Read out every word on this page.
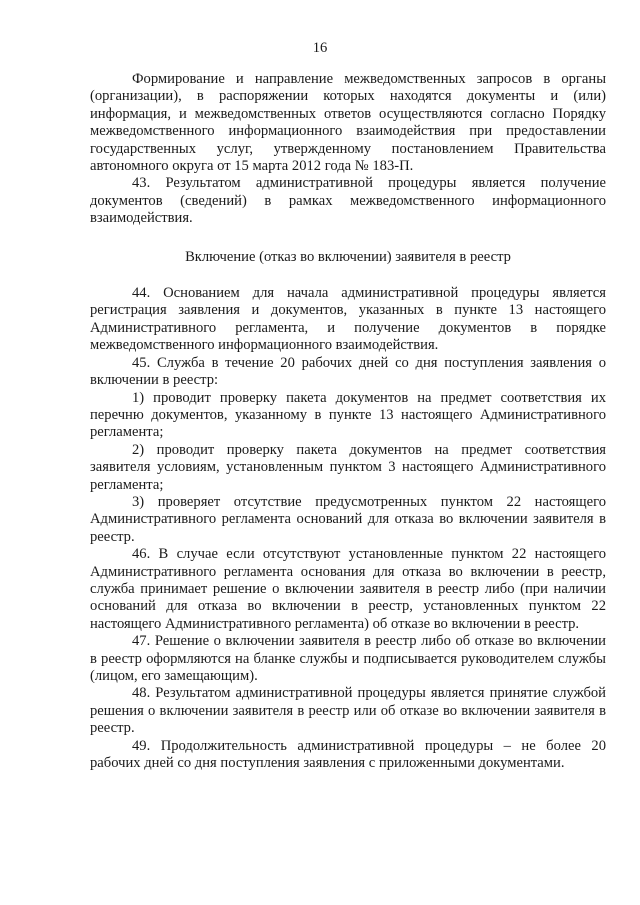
16

Формирование и направление межведомственных запросов в органы (организации), в распоряжении которых находятся документы и (или) информация, и межведомственных ответов осуществляются согласно Порядку межведомственного информационного взаимодействия при предоставлении государственных услуг, утвержденному постановлением Правительства автономного округа от 15 марта 2012 года № 183-П.

43. Результатом административной процедуры является получение документов (сведений) в рамках межведомственного информационного взаимодействия.

Включение (отказ во включении) заявителя в реестр

44. Основанием для начала административной процедуры является регистрация заявления и документов, указанных в пункте 13 настоящего Административного регламента, и получение документов в порядке межведомственного информационного взаимодействия.

45. Служба в течение 20 рабочих дней со дня поступления заявления о включении в реестр:

1) проводит проверку пакета документов на предмет соответствия их перечню документов, указанному в пункте 13 настоящего Административного регламента;

2) проводит проверку пакета документов на предмет соответствия заявителя условиям, установленным пунктом 3 настоящего Административного регламента;

3) проверяет отсутствие предусмотренных пунктом 22 настоящего Административного регламента оснований для отказа во включении заявителя в реестр.

46. В случае если отсутствуют установленные пунктом 22 настоящего Административного регламента основания для отказа во включении в реестр, служба принимает решение о включении заявителя в реестр либо (при наличии оснований для отказа во включении в реестр, установленных пунктом 22 настоящего Административного регламента) об отказе во включении в реестр.

47. Решение о включении заявителя в реестр либо об отказе во включении в реестр оформляются на бланке службы и подписывается руководителем службы (лицом, его замещающим).

48. Результатом административной процедуры является принятие службой решения о включении заявителя в реестр или об отказе во включении заявителя в реестр.

49. Продолжительность административной процедуры – не более 20 рабочих дней со дня поступления заявления с приложенными документами.
